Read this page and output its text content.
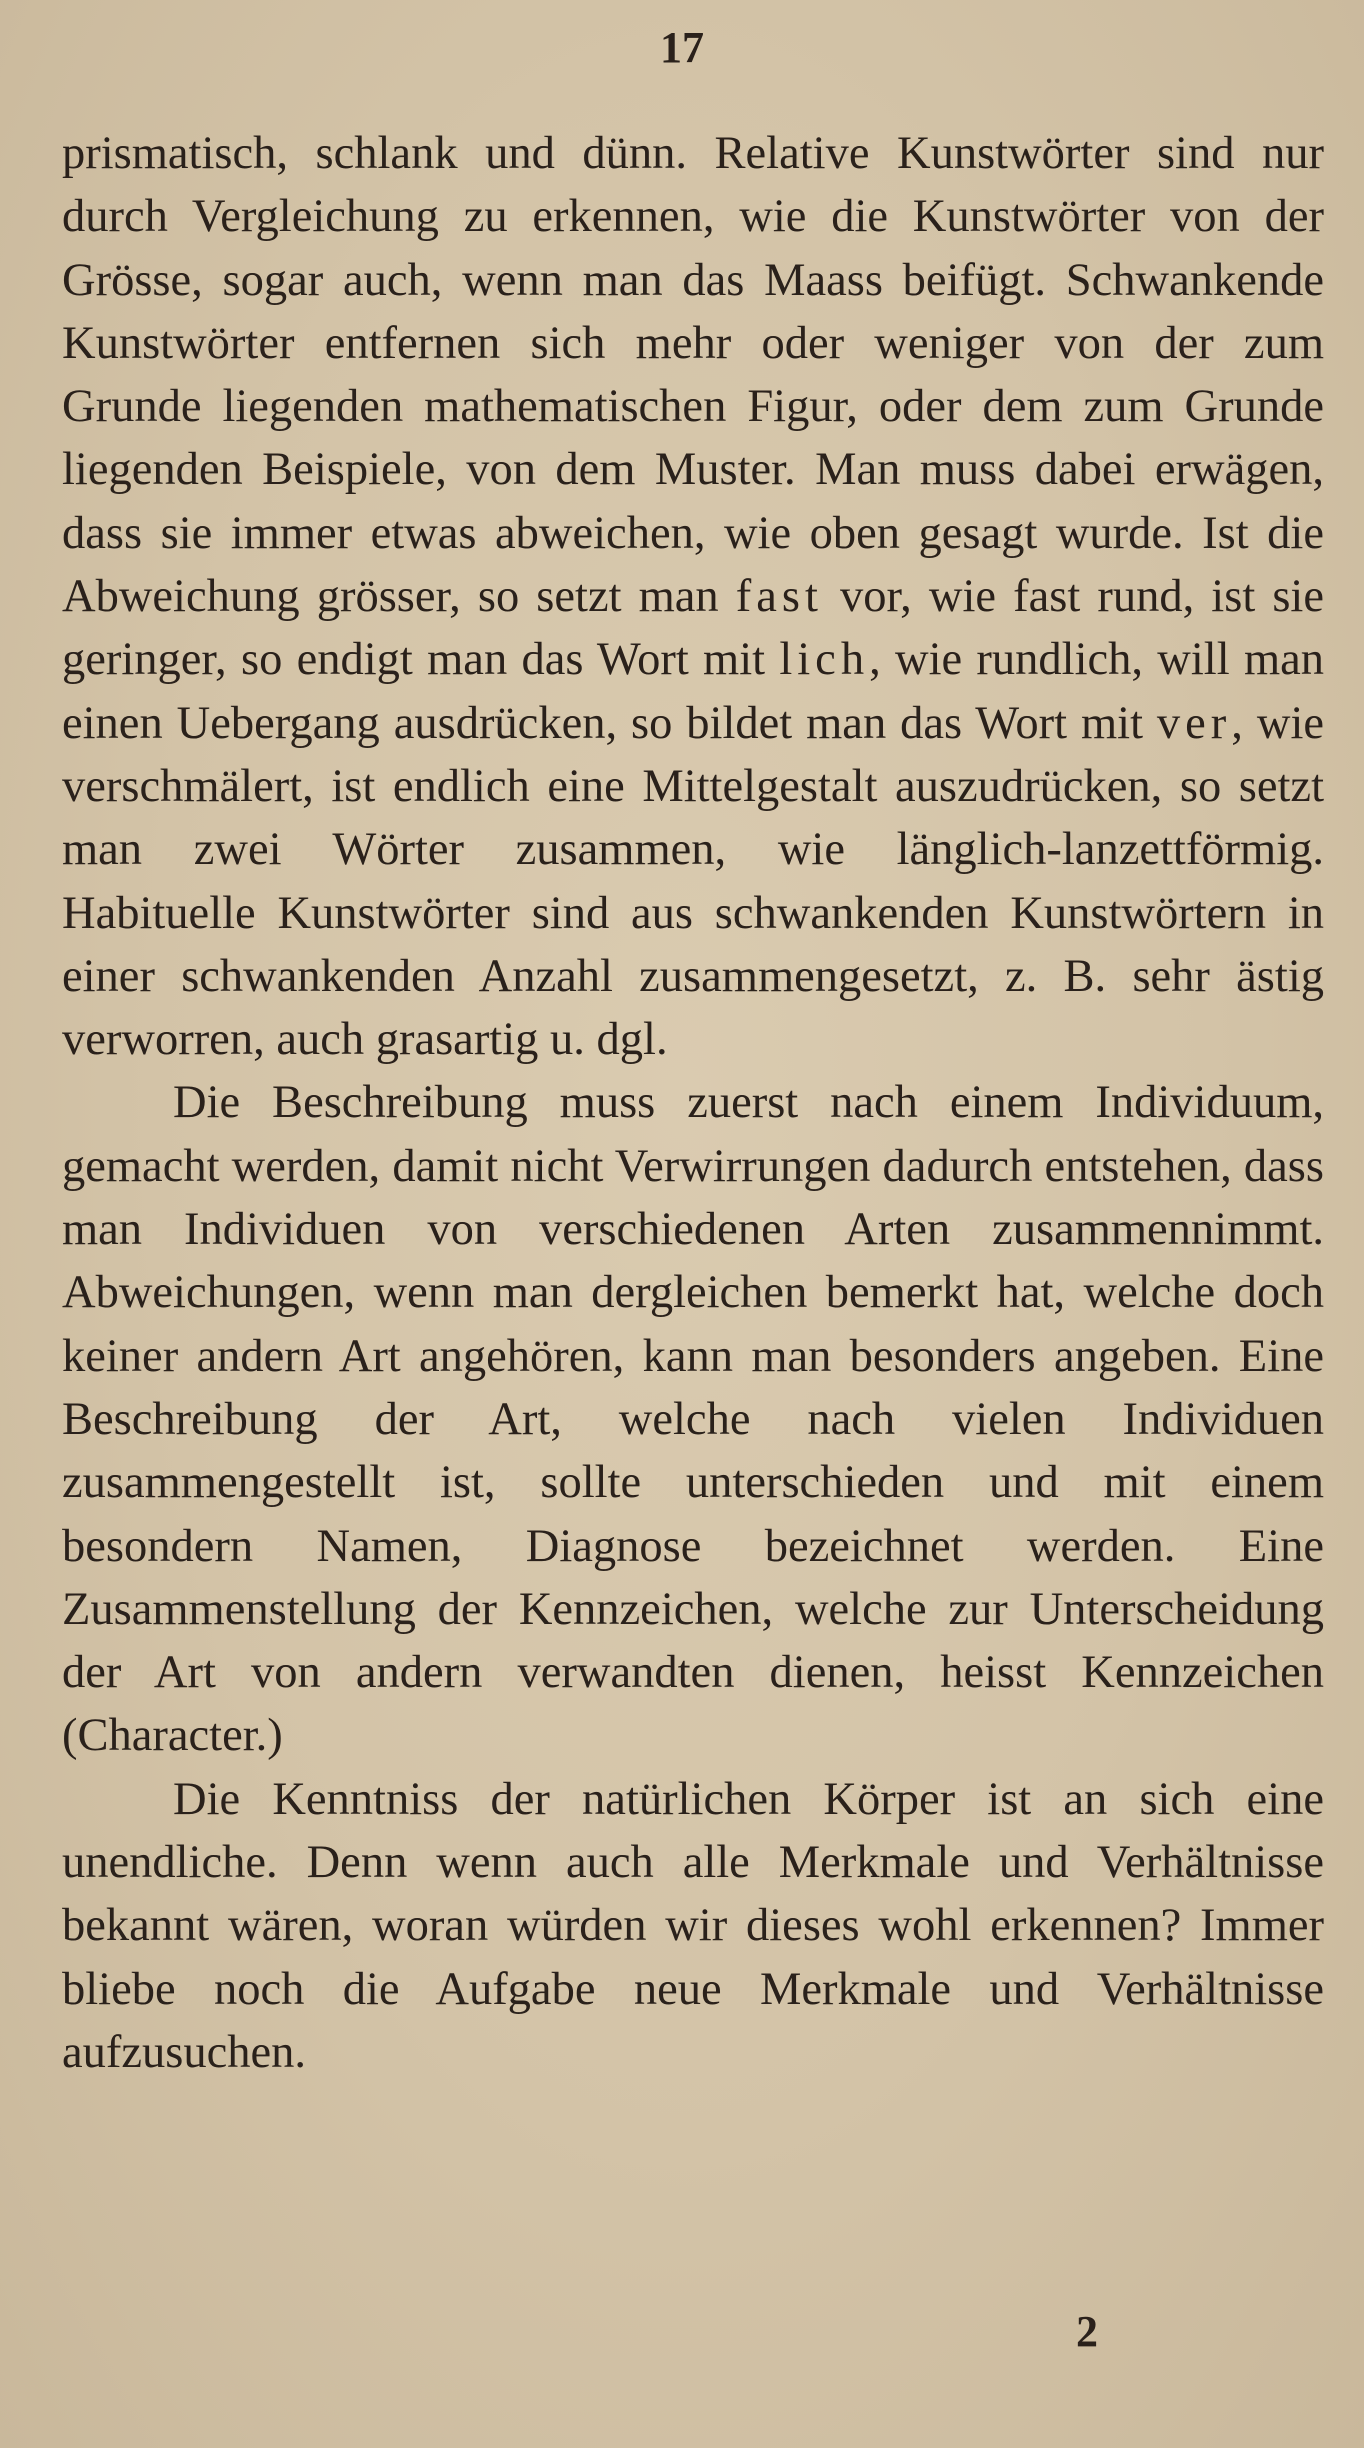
17

prismatisch, schlank und dünn. Relative Kunstwörter sind nur durch Vergleichung zu erkennen, wie die Kunstwörter von der Grösse, sogar auch, wenn man das Maass beifügt. Schwankende Kunstwörter entfernen sich mehr oder weniger von der zum Grunde liegenden mathematischen Figur, oder dem zum Grunde liegenden Beispiele, von dem Muster. Man muss dabei erwägen, dass sie immer etwas abweichen, wie oben gesagt wurde. Ist die Abweichung grösser, so setzt man fast vor, wie fast rund, ist sie geringer, so endigt man das Wort mit lich, wie rundlich, will man einen Uebergang ausdrücken, so bildet man das Wort mit ver, wie verschmälert, ist endlich eine Mittelgestalt auszudrücken, so setzt man zwei Wörter zusammen, wie länglich-lanzettförmig. Habituelle Kunstwörter sind aus schwankenden Kunstwörtern in einer schwankenden Anzahl zusammengesetzt, z. B. sehr ästig verworren, auch grasartig u. dgl.

Die Beschreibung muss zuerst nach einem Individuum, gemacht werden, damit nicht Verwirrungen dadurch entstehen, dass man Individuen von verschiedenen Arten zusammennimmt. Abweichungen, wenn man dergleichen bemerkt hat, welche doch keiner andern Art angehören, kann man besonders angeben. Eine Beschreibung der Art, welche nach vielen Individuen zusammengestellt ist, sollte unterschieden und mit einem besondern Namen, Diagnose bezeichnet werden. Eine Zusammenstellung der Kennzeichen, welche zur Unterscheidung der Art von andern verwandten dienen, heisst Kennzeichen (Character.)

Die Kenntniss der natürlichen Körper ist an sich eine unendliche. Denn wenn auch alle Merkmale und Verhältnisse bekannt wären, woran würden wir dieses wohl erkennen? Immer bliebe noch die Aufgabe neue Merkmale und Verhältnisse aufzusuchen.

2
